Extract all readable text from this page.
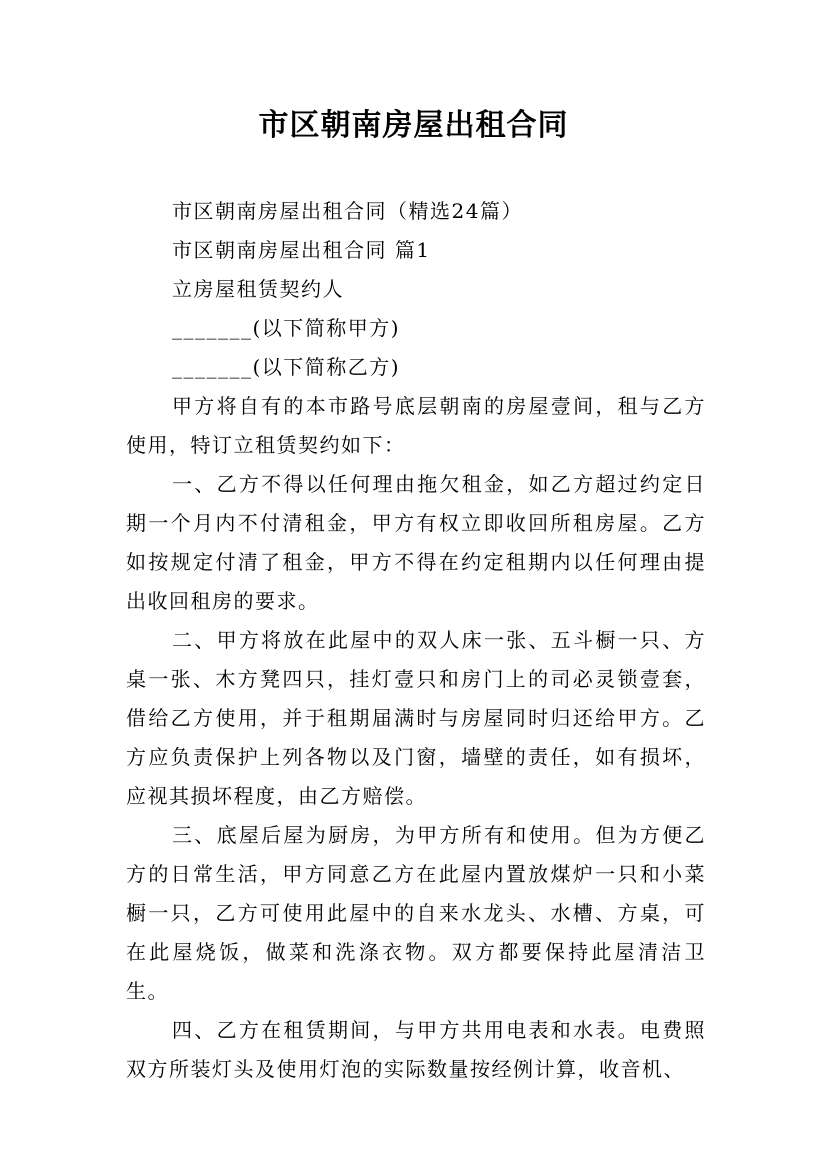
市区朝南房屋出租合同

市区朝南房屋出租合同（精选24篇）

市区朝南房屋出租合同 篇1

立房屋租赁契约人

_______(以下简称甲方)

_______(以下简称乙方)

甲方将自有的本市路号底层朝南的房屋壹间，租与乙方使用，特订立租赁契约如下：

一、乙方不得以任何理由拖欠租金，如乙方超过约定日期一个月内不付清租金，甲方有权立即收回所租房屋。乙方如按规定付清了租金，甲方不得在约定租期内以任何理由提出收回租房的要求。

二、甲方将放在此屋中的双人床一张、五斗橱一只、方桌一张、木方凳四只，挂灯壹只和房门上的司必灵锁壹套，借给乙方使用，并于租期届满时与房屋同时归还给甲方。乙方应负责保护上列各物以及门窗，墙壁的责任，如有损坏，应视其损坏程度，由乙方赔偿。

三、底屋后屋为厨房，为甲方所有和使用。但为方便乙方的日常生活，甲方同意乙方在此屋内置放煤炉一只和小菜橱一只，乙方可使用此屋中的自来水龙头、水槽、方桌，可在此屋烧饭，做菜和洗涤衣物。双方都要保持此屋清洁卫生。

四、乙方在租赁期间，与甲方共用电表和水表。电费照双方所装灯头及使用灯泡的实际数量按经例计算，收音机、
